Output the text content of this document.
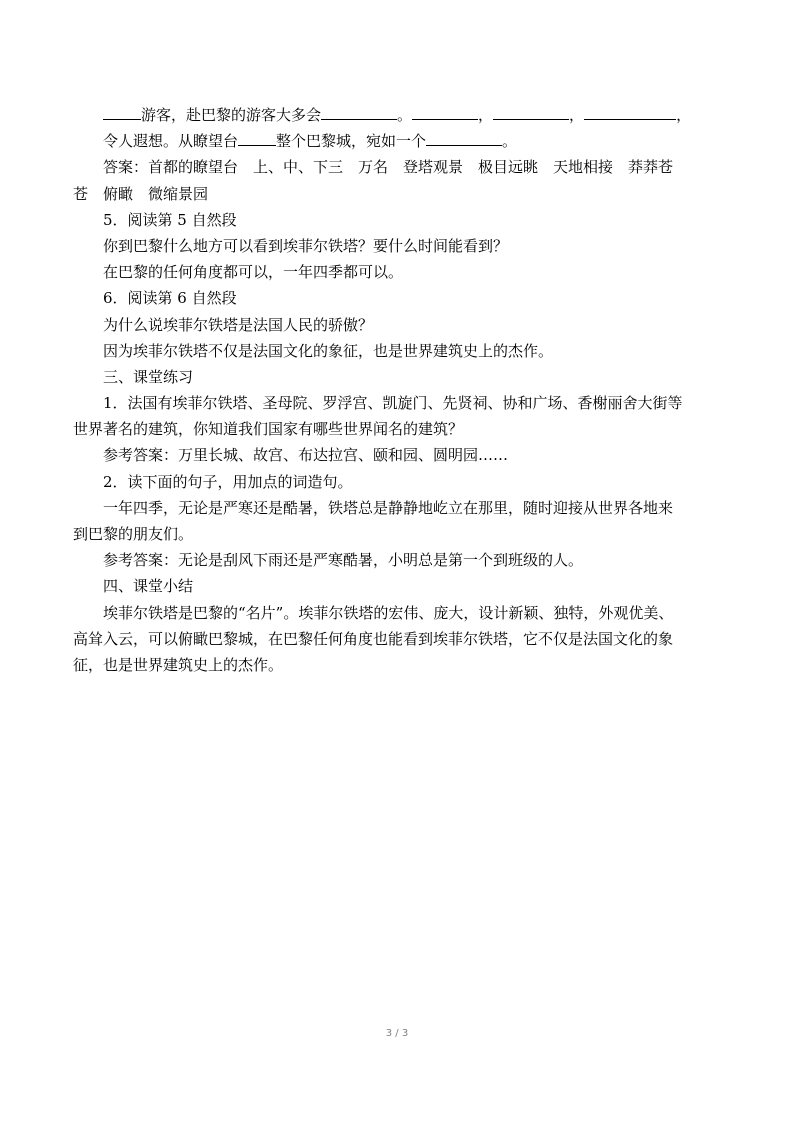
游客，赴巴黎的游客大多会	。	，	，	，
令人遐想。从瞭望台	整个巴黎城，宛如一个	。
答案：首都的瞭望台　上、中、下三　万名　登塔观景　极目远眺　天地相接　莽莽苍
苍　俯瞰　微缩景园
5．阅读第 5 自然段
你到巴黎什么地方可以看到埃菲尔铁塔？要什么时间能看到？
在巴黎的任何角度都可以，一年四季都可以。
6．阅读第 6 自然段
为什么说埃菲尔铁塔是法国人民的骄傲？
因为埃菲尔铁塔不仅是法国文化的象征，也是世界建筑史上的杰作。
三、课堂练习
1．法国有埃菲尔铁塔、圣母院、罗浮宫、凯旋门、先贤祠、协和广场、香榭丽舍大街等
世界著名的建筑，你知道我们国家有哪些世界闻名的建筑？
参考答案：万里长城、故宫、布达拉宫、颐和园、圆明园……
2．读下面的句子，用加点的词造句。
一年四季，无论是严寒还是酷暑，铁塔总是静静地屹立在那里，随时迎接从世界各地来
到巴黎的朋友们。
参考答案：无论是刮风下雨还是严寒酷暑，小明总是第一个到班级的人。
四、课堂小结
埃菲尔铁塔是巴黎的“名片”。埃菲尔铁塔的宏伟、庞大，设计新颖、独特，外观优美、
高耸入云，可以俯瞰巴黎城，在巴黎任何角度也能看到埃菲尔铁塔，它不仅是法国文化的象
征，也是世界建筑史上的杰作。
3 / 3
